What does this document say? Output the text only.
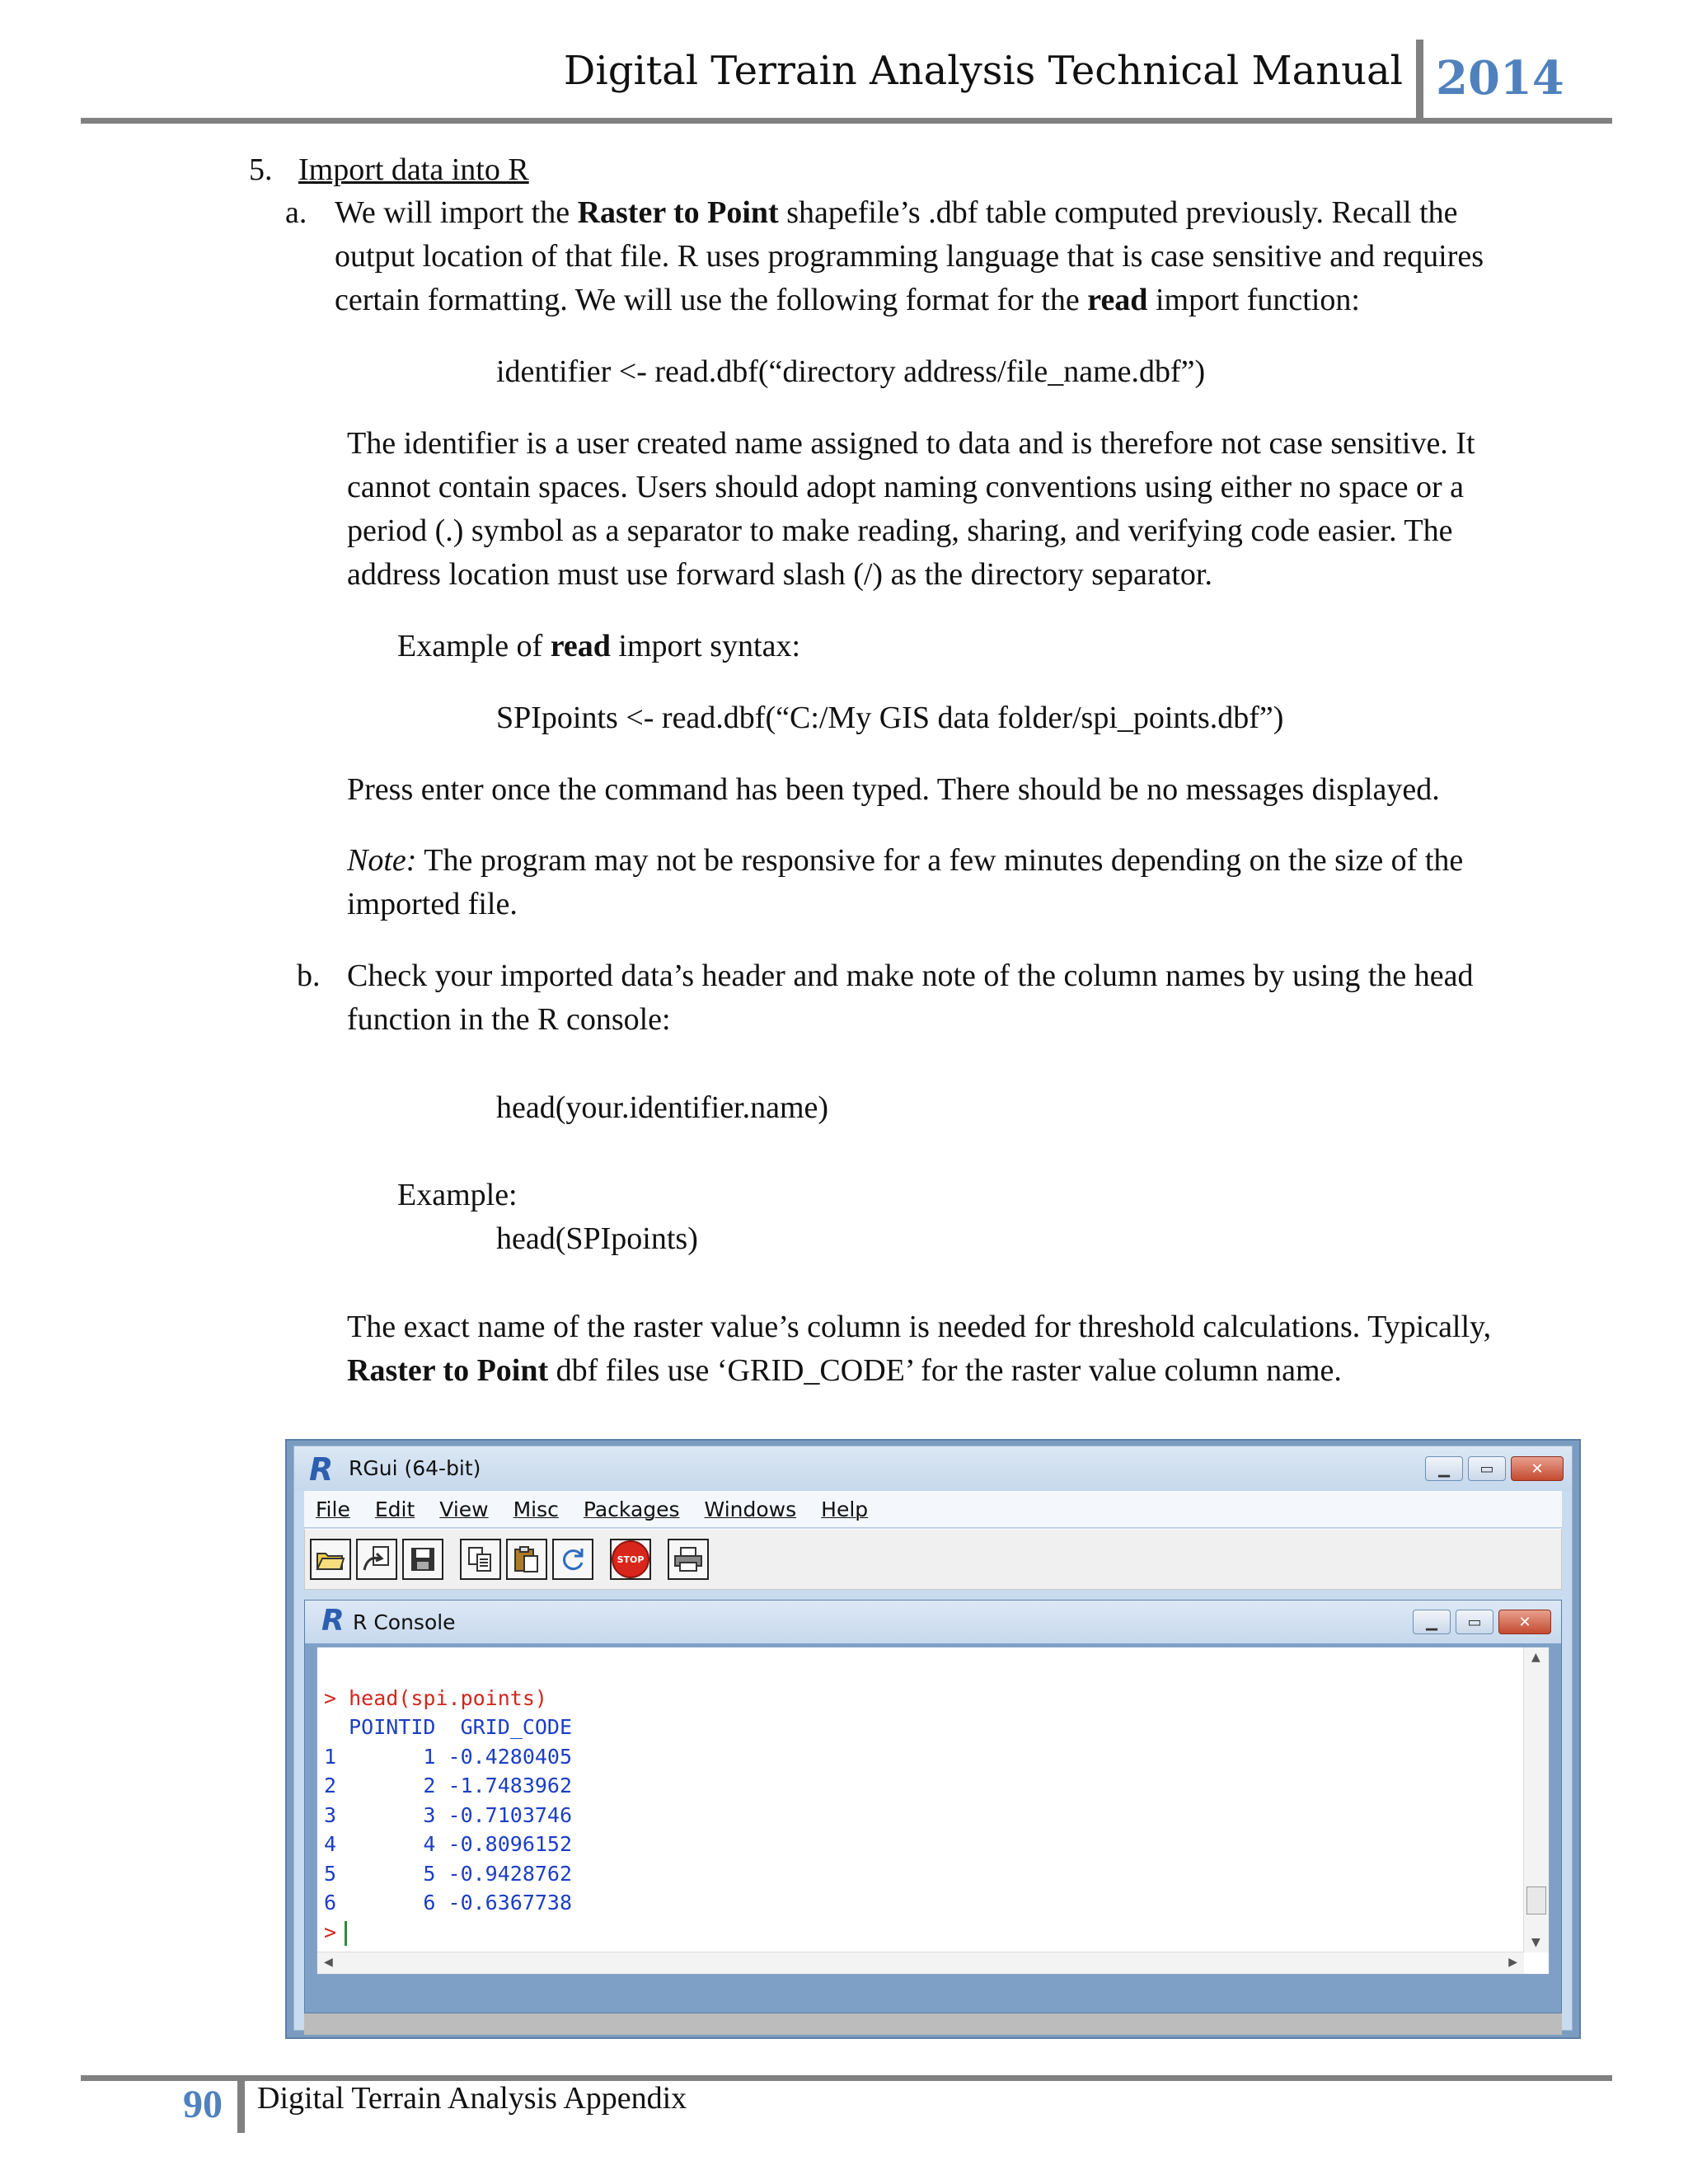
Digital Terrain Analysis Technical Manual 2014
5. Import data into R
a. We will import the Raster to Point shapefile’s .dbf table computed previously. Recall the
output location of that file. R uses programming language that is case sensitive and requires
certain formatting. We will use the following format for the read import function:
identifier <- read.dbf(“directory address/file_name.dbf”)
The identifier is a user created name assigned to data and is therefore not case sensitive. It
cannot contain spaces. Users should adopt naming conventions using either no space or a
period (.) symbol as a separator to make reading, sharing, and verifying code easier. The
address location must use forward slash (/) as the directory separator.
Example of read import syntax:
SPIpoints <- read.dbf(“C:/My GIS data folder/spi_points.dbf”)
Press enter once the command has been typed. There should be no messages displayed.
Note: The program may not be responsive for a few minutes depending on the size of the
imported file.
b. Check your imported data’s header and make note of the column names by using the head
function in the R console:
head(your.identifier.name)
Example:
head(SPIpoints)
The exact name of the raster value’s column is needed for threshold calculations. Typically,
Raster to Point dbf files use ‘GRID_CODE’ for the raster value column name.
R RGui (64-bit)	▁	▭	✕
File Edit View Misc Packages Windows Help
STOP
R R Console	▁	▭	✕

> head(spi.points)
POINTID  GRID_CODE
1       1 -0.4280405
2       2 -1.7483962
3       3 -0.7103746
4       4 -0.8096152
5       5 -0.9428762
6       6 -0.6367738
>
▲
▼
◀	▶
90 Digital Terrain Analysis Appendix
